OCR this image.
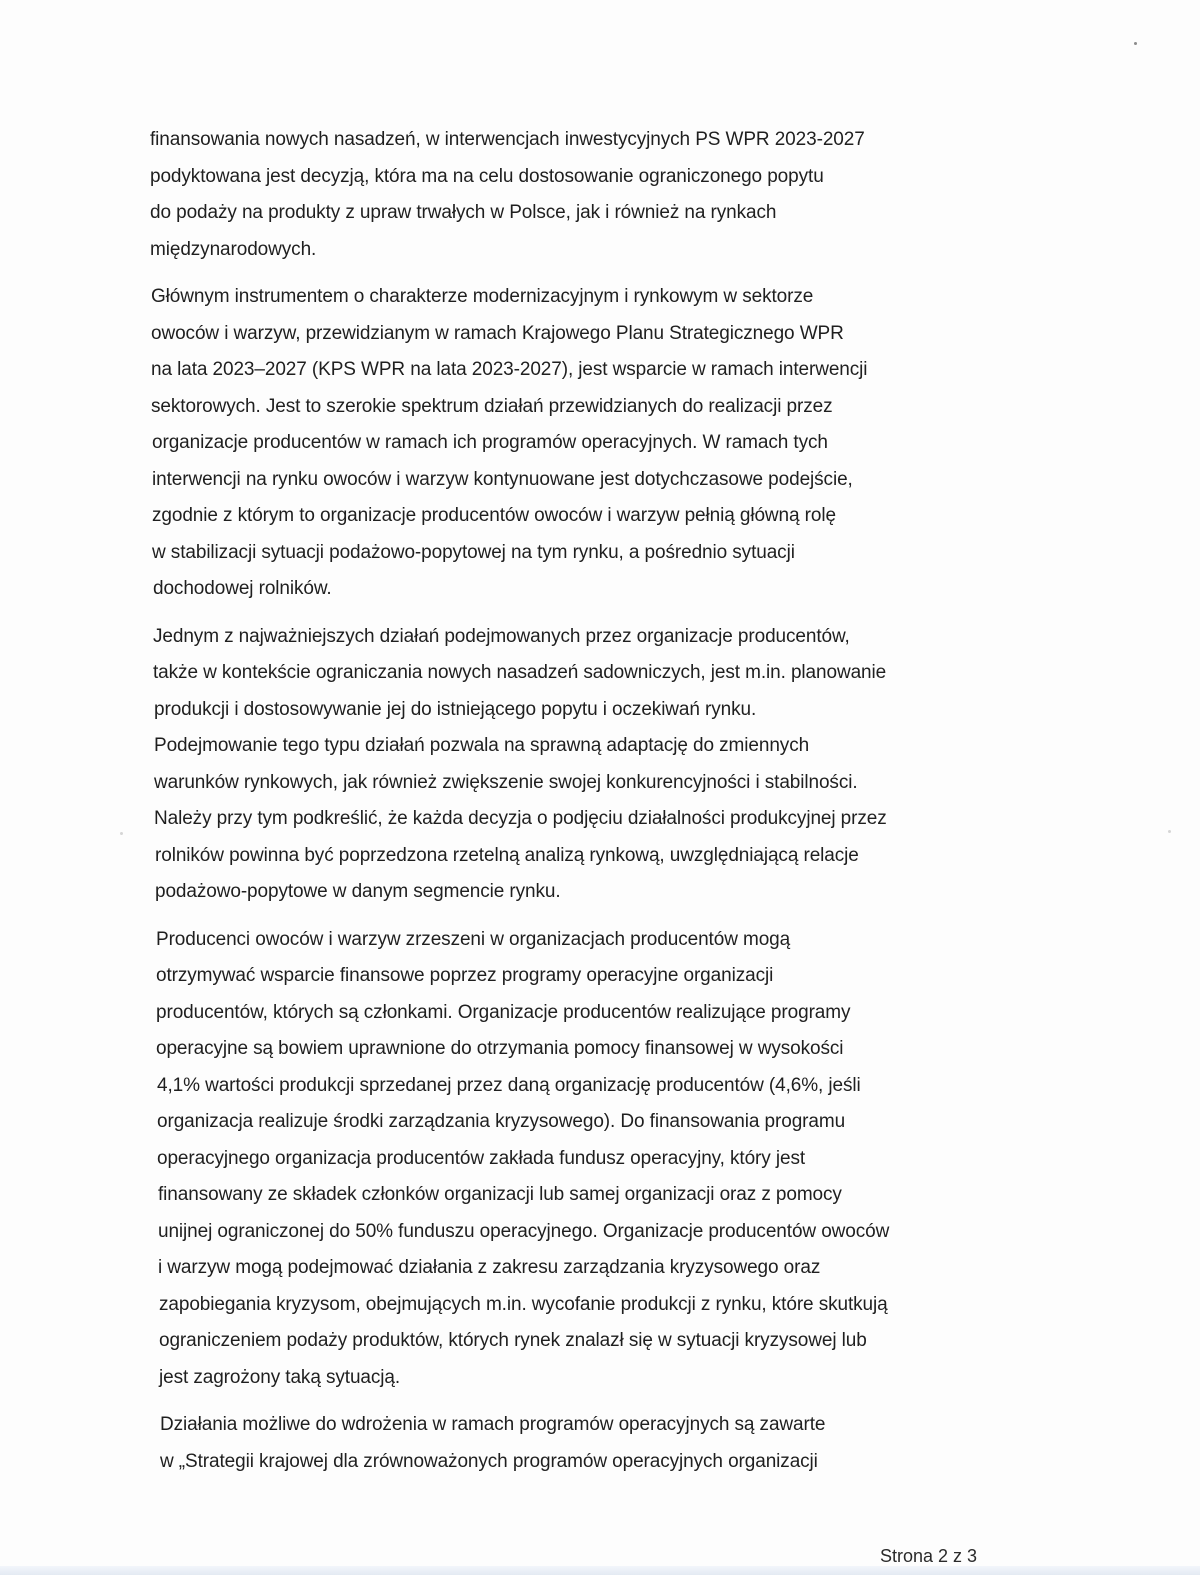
finansowania nowych nasadzeń, w interwencjach inwestycyjnych PS WPR 2023-2027
podyktowana jest decyzją, która ma na celu dostosowanie ograniczonego popytu
do podaży na produkty z upraw trwałych w Polsce, jak i również na rynkach
międzynarodowych.
Głównym instrumentem o charakterze modernizacyjnym i rynkowym w sektorze
owoców i warzyw, przewidzianym w ramach Krajowego Planu Strategicznego WPR
na lata 2023–2027 (KPS WPR na lata 2023-2027), jest wsparcie w ramach interwencji
sektorowych. Jest to szerokie spektrum działań przewidzianych do realizacji przez
organizacje producentów w ramach ich programów operacyjnych. W ramach tych
interwencji na rynku owoców i warzyw kontynuowane jest dotychczasowe podejście,
zgodnie z którym to organizacje producentów owoców i warzyw pełnią główną rolę
w stabilizacji sytuacji podażowo-popytowej na tym rynku, a pośrednio sytuacji
dochodowej rolników.
Jednym z najważniejszych działań podejmowanych przez organizacje producentów,
także w kontekście ograniczania nowych nasadzeń sadowniczych, jest m.in. planowanie
produkcji i dostosowywanie jej do istniejącego popytu i oczekiwań rynku.
Podejmowanie tego typu działań pozwala na sprawną adaptację do zmiennych
warunków rynkowych, jak również zwiększenie swojej konkurencyjności i stabilności.
Należy przy tym podkreślić, że każda decyzja o podjęciu działalności produkcyjnej przez
rolników powinna być poprzedzona rzetelną analizą rynkową, uwzględniającą relacje
podażowo-popytowe w danym segmencie rynku.
Producenci owoców i warzyw zrzeszeni w organizacjach producentów mogą
otrzymywać wsparcie finansowe poprzez programy operacyjne organizacji
producentów, których są członkami. Organizacje producentów realizujące programy
operacyjne są bowiem uprawnione do otrzymania pomocy finansowej w wysokości
4,1% wartości produkcji sprzedanej przez daną organizację producentów (4,6%, jeśli
organizacja realizuje środki zarządzania kryzysowego). Do finansowania programu
operacyjnego organizacja producentów zakłada fundusz operacyjny, który jest
finansowany ze składek członków organizacji lub samej organizacji oraz z pomocy
unijnej ograniczonej do 50% funduszu operacyjnego. Organizacje producentów owoców
i warzyw mogą podejmować działania z zakresu zarządzania kryzysowego oraz
zapobiegania kryzysom, obejmujących m.in. wycofanie produkcji z rynku, które skutkują
ograniczeniem podaży produktów, których rynek znalazł się w sytuacji kryzysowej lub
jest zagrożony taką sytuacją.
Działania możliwe do wdrożenia w ramach programów operacyjnych są zawarte
w „Strategii krajowej dla zrównoważonych programów operacyjnych organizacji
Strona 2 z 3
